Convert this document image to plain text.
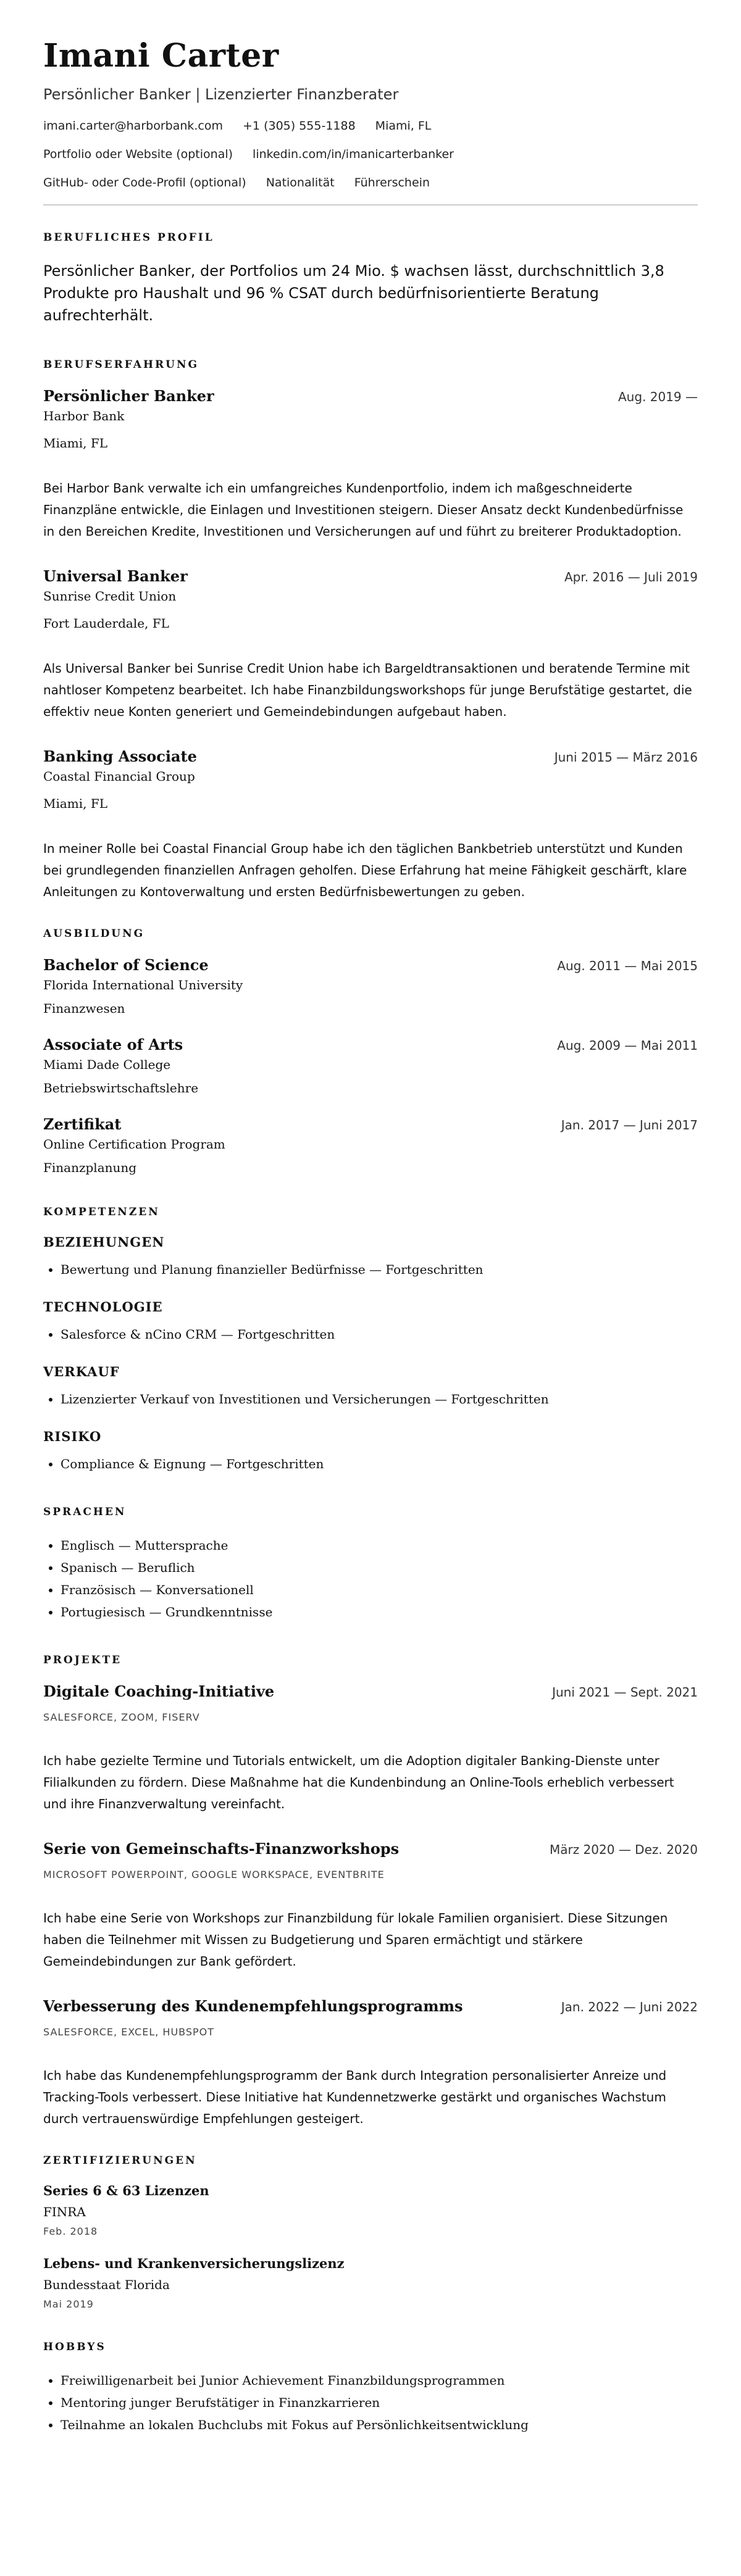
Imani Carter
Persönlicher Banker | Lizenzierter Finanzberater
imani.carter@harborbank.com +1 (305) 555-1188 Miami, FL
Portfolio oder Website (optional) linkedin.com/in/imanicarterbanker
GitHub- oder Code-Profil (optional) Nationalität Führerschein
BERUFLICHES PROFIL

Persönlicher Banker, der Portfolios um 24 Mio. $ wachsen lässt, durchschnittlich 3,8 Produkte pro Haushalt und 96 % CSAT durch bedürfnisorientierte Beratung aufrechterhält.

BERUFSERFAHRUNG
Persönlicher Banker	Aug. 2019 —
Harbor Bank
Miami, FL
Bei Harbor Bank verwalte ich ein umfangreiches Kundenportfolio, indem ich maßgeschneiderte Finanzpläne entwickle, die Einlagen und Investitionen steigern. Dieser Ansatz deckt Kundenbedürfnisse in den Bereichen Kredite, Investitionen und Versicherungen auf und führt zu breiterer Produktadoption.
Universal Banker	Apr. 2016 — Juli 2019
Sunrise Credit Union
Fort Lauderdale, FL
Als Universal Banker bei Sunrise Credit Union habe ich Bargeldtransaktionen und beratende Termine mit nahtloser Kompetenz bearbeitet. Ich habe Finanzbildungsworkshops für junge Berufstätige gestartet, die effektiv neue Konten generiert und Gemeindebindungen aufgebaut haben.
Banking Associate	Juni 2015 — März 2016
Coastal Financial Group
Miami, FL
In meiner Rolle bei Coastal Financial Group habe ich den täglichen Bankbetrieb unterstützt und Kunden bei grundlegenden finanziellen Anfragen geholfen. Diese Erfahrung hat meine Fähigkeit geschärft, klare Anleitungen zu Kontoverwaltung und ersten Bedürfnisbewertungen zu geben.
AUSBILDUNG
Bachelor of Science	Aug. 2011 — Mai 2015
Florida International University
Finanzwesen
Associate of Arts	Aug. 2009 — Mai 2011
Miami Dade College
Betriebswirtschaftslehre
Zertifikat	Jan. 2017 — Juni 2017
Online Certification Program
Finanzplanung
KOMPETENZEN
BEZIEHUNGEN
• Bewertung und Planung finanzieller Bedürfnisse — Fortgeschritten
TECHNOLOGIE
• Salesforce & nCino CRM — Fortgeschritten
VERKAUF
• Lizenzierter Verkauf von Investitionen und Versicherungen — Fortgeschritten
RISIKO
• Compliance & Eignung — Fortgeschritten
SPRACHEN
• Englisch — Muttersprache
• Spanisch — Beruflich
• Französisch — Konversationell
• Portugiesisch — Grundkenntnisse
PROJEKTE
Digitale Coaching-Initiative	Juni 2021 — Sept. 2021
SALESFORCE, ZOOM, FISERV
Ich habe gezielte Termine und Tutorials entwickelt, um die Adoption digitaler Banking-Dienste unter Filialkunden zu fördern. Diese Maßnahme hat die Kundenbindung an Online-Tools erheblich verbessert und ihre Finanzverwaltung vereinfacht.
Serie von Gemeinschafts-Finanzworkshops	März 2020 — Dez. 2020
MICROSOFT POWERPOINT, GOOGLE WORKSPACE, EVENTBRITE
Ich habe eine Serie von Workshops zur Finanzbildung für lokale Familien organisiert. Diese Sitzungen haben die Teilnehmer mit Wissen zu Budgetierung und Sparen ermächtigt und stärkere Gemeindebindungen zur Bank gefördert.
Verbesserung des Kundenempfehlungsprogramms	Jan. 2022 — Juni 2022
SALESFORCE, EXCEL, HUBSPOT
Ich habe das Kundenempfehlungsprogramm der Bank durch Integration personalisierter Anreize und Tracking-Tools verbessert. Diese Initiative hat Kundennetzwerke gestärkt und organisches Wachstum durch vertrauenswürdige Empfehlungen gesteigert.
ZERTIFIZIERUNGEN
Series 6 & 63 Lizenzen
FINRA
Feb. 2018
Lebens- und Krankenversicherungslizenz
Bundesstaat Florida
Mai 2019
HOBBYS
• Freiwilligenarbeit bei Junior Achievement Finanzbildungsprogrammen
• Mentoring junger Berufstätiger in Finanzkarrieren
• Teilnahme an lokalen Buchclubs mit Fokus auf Persönlichkeitsentwicklung
